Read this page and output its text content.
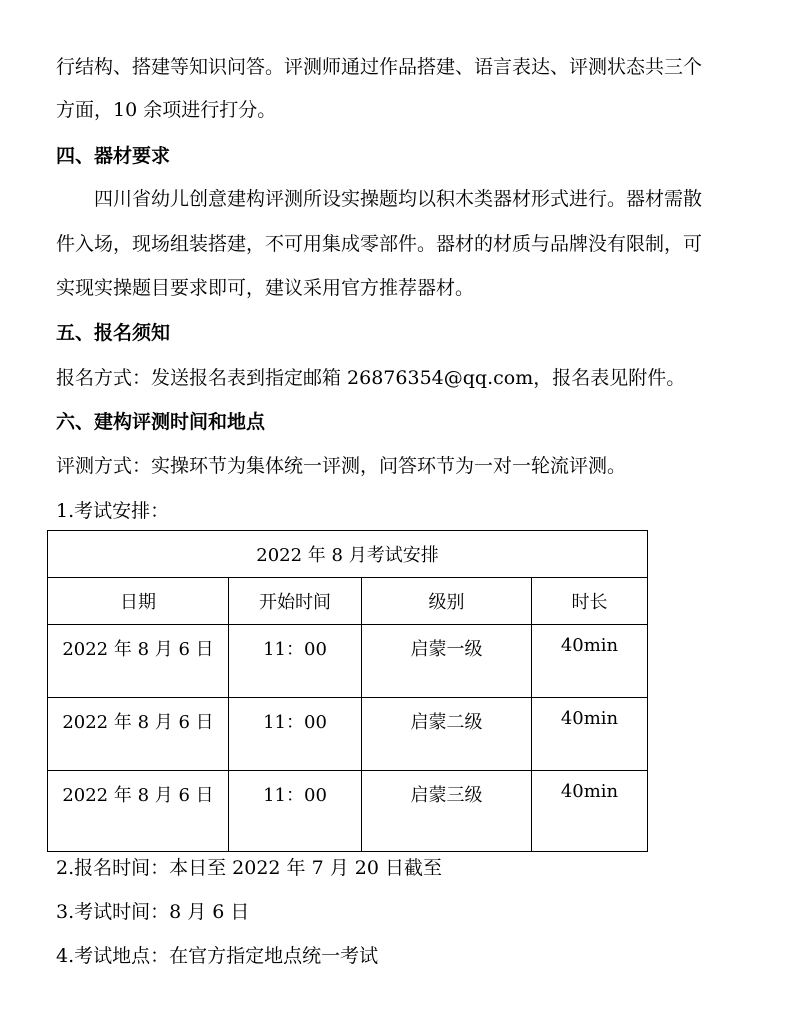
行结构、搭建等知识问答。评测师通过作品搭建、语言表达、评测状态共三个
方面，10 余项进行打分。
四、器材要求
四川省幼儿创意建构评测所设实操题均以积木类器材形式进行。器材需散
件入场，现场组装搭建，不可用集成零部件。器材的材质与品牌没有限制，可
实现实操题目要求即可，建议采用官方推荐器材。
五、报名须知
报名方式：发送报名表到指定邮箱 26876354@qq.com，报名表见附件。
六、建构评测时间和地点
评测方式：实操环节为集体统一评测，问答环节为一对一轮流评测。
1.考试安排：
2022 年 8 月考试安排			
日期	开始时间	级别	时长
2022 年 8 月 6 日	11：00	启蒙一级	40min
2022 年 8 月 6 日	11：00	启蒙二级	40min
2022 年 8 月 6 日	11：00	启蒙三级	40min
2.报名时间：本日至 2022 年 7 月 20 日截至
3.考试时间：8 月 6 日
4.考试地点：在官方指定地点统一考试
